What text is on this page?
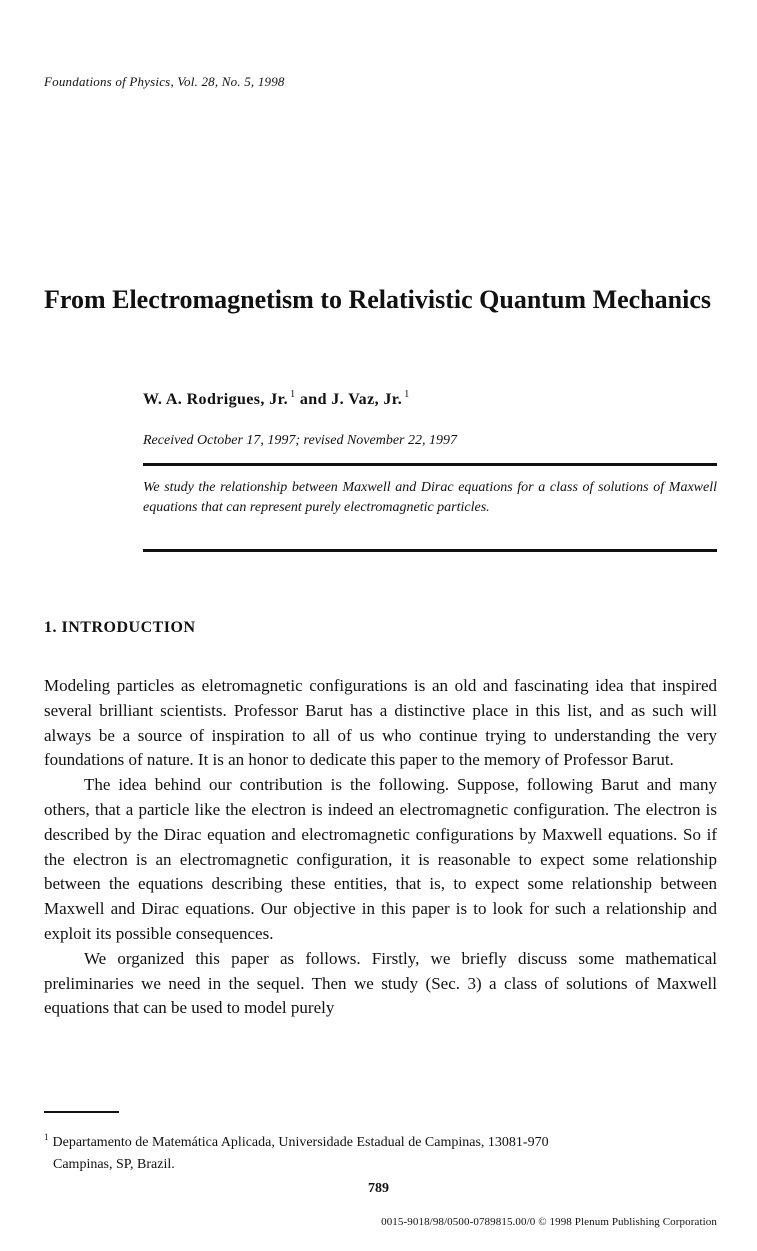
Foundations of Physics, Vol. 28, No. 5, 1998
From Electromagnetism to Relativistic Quantum Mechanics
W. A. Rodrigues, Jr. $^1$ and J. Vaz, Jr. $^1$
Received October 17, 1997; revised November 22, 1997

We study the relationship between Maxwell and Dirac equations for a class of solutions of Maxwell equations that can represent purely electromagnetic particles.

1. INTRODUCTION

Modeling particles as eletromagnetic configurations is an old and fascinating idea that inspired several brilliant scientists. Professor Barut has a distinctive place in this list, and as such will always be a source of inspiration to all of us who continue trying to understanding the very foundations of nature. It is an honor to dedicate this paper to the memory of Professor Barut.

The idea behind our contribution is the following. Suppose, following Barut and many others, that a particle like the electron is indeed an electromagnetic configuration. The electron is described by the Dirac equation and electromagnetic configurations by Maxwell equations. So if the electron is an electromagnetic configuration, it is reasonable to expect some relationship between the equations describing these entities, that is, to expect some relationship between Maxwell and Dirac equations. Our objective in this paper is to look for such a relationship and exploit its possible consequences.

We organized this paper as follows. Firstly, we briefly discuss some mathematical preliminaries we need in the sequel. Then we study (Sec. 3) a class of solutions of Maxwell equations that can be used to model purely

$^1$ Departamento de Matemática Aplicada, Universidade Estadual de Campinas, 13081-970
Campinas, SP, Brazil.
789
0015-9018/98/0500-0789815.00/0 © 1998 Plenum Publishing Corporation
